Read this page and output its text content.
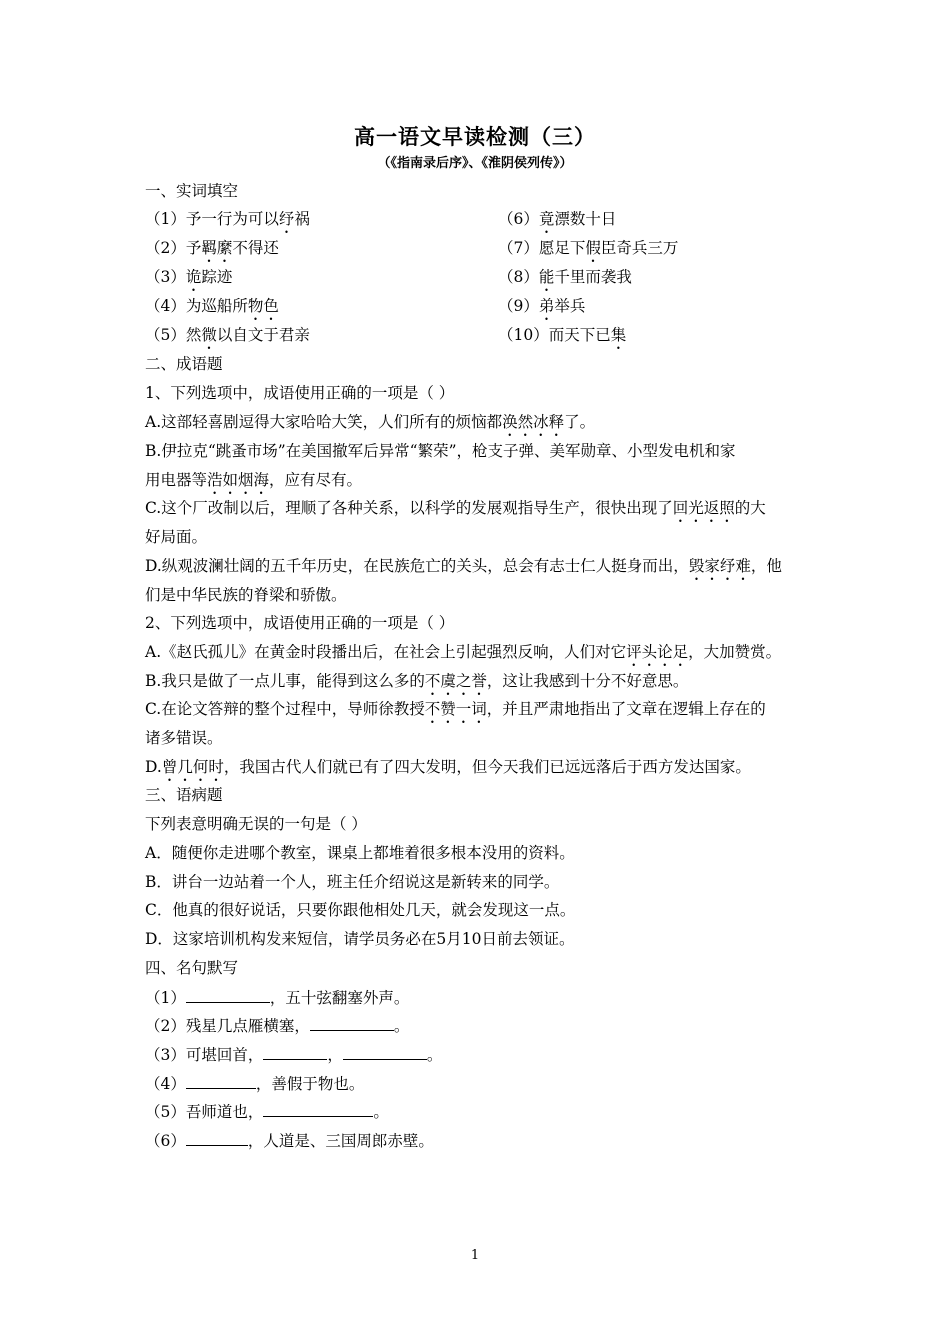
高一语文早读检测（三）
（《指南录后序》、《淮阴侯列传》）
一、实词填空
（1）予一行为可以纾祸
（2）予羁縻不得还
（3）诡踪迹
（4）为巡船所物色
（5）然微以自文于君亲
（6）竟漂数十日
（7）愿足下假臣奇兵三万
（8）能千里而袭我
（9）弟举兵
（10）而天下已集
二、成语题
1、下列选项中，成语使用正确的一项是（ ）
A.这部轻喜剧逗得大家哈哈大笑，人们所有的烦恼都涣然冰释了。
B.伊拉克“跳蚤市场”在美国撤军后异常“繁荣”，枪支子弹、美军勋章、小型发电机和家
用电器等浩如烟海，应有尽有。
C.这个厂改制以后，理顺了各种关系，以科学的发展观指导生产，很快出现了回光返照的大
好局面。
D.纵观波澜壮阔的五千年历史，在民族危亡的关头，总会有志士仁人挺身而出，毁家纾难，他
们是中华民族的脊梁和骄傲。
2、下列选项中，成语使用正确的一项是（ ）
A.《赵氏孤儿》在黄金时段播出后，在社会上引起强烈反响，人们对它评头论足，大加赞赏。
B.我只是做了一点儿事，能得到这么多的不虞之誉，这让我感到十分不好意思。
C.在论文答辩的整个过程中，导师徐教授不赞一词，并且严肃地指出了文章在逻辑上存在的
诸多错误。
D.曾几何时，我国古代人们就已有了四大发明，但今天我们已远远落后于西方发达国家。
三、语病题
下列表意明确无误的一句是（ ）
A．随便你走进哪个教室，课桌上都堆着很多根本没用的资料。
B．讲台一边站着一个人，班主任介绍说这是新转来的同学。
C．他真的很好说话，只要你跟他相处几天，就会发现这一点。
D．这家培训机构发来短信，请学员务必在5月10日前去领证。
四、名句默写
（1）	，五十弦翻塞外声。
（2）残星几点雁横塞，	。
（3）可堪回首，	，	。
（4）	，善假于物也。
（5）吾师道也，	。
（6）	，人道是、三国周郎赤壁。
1
